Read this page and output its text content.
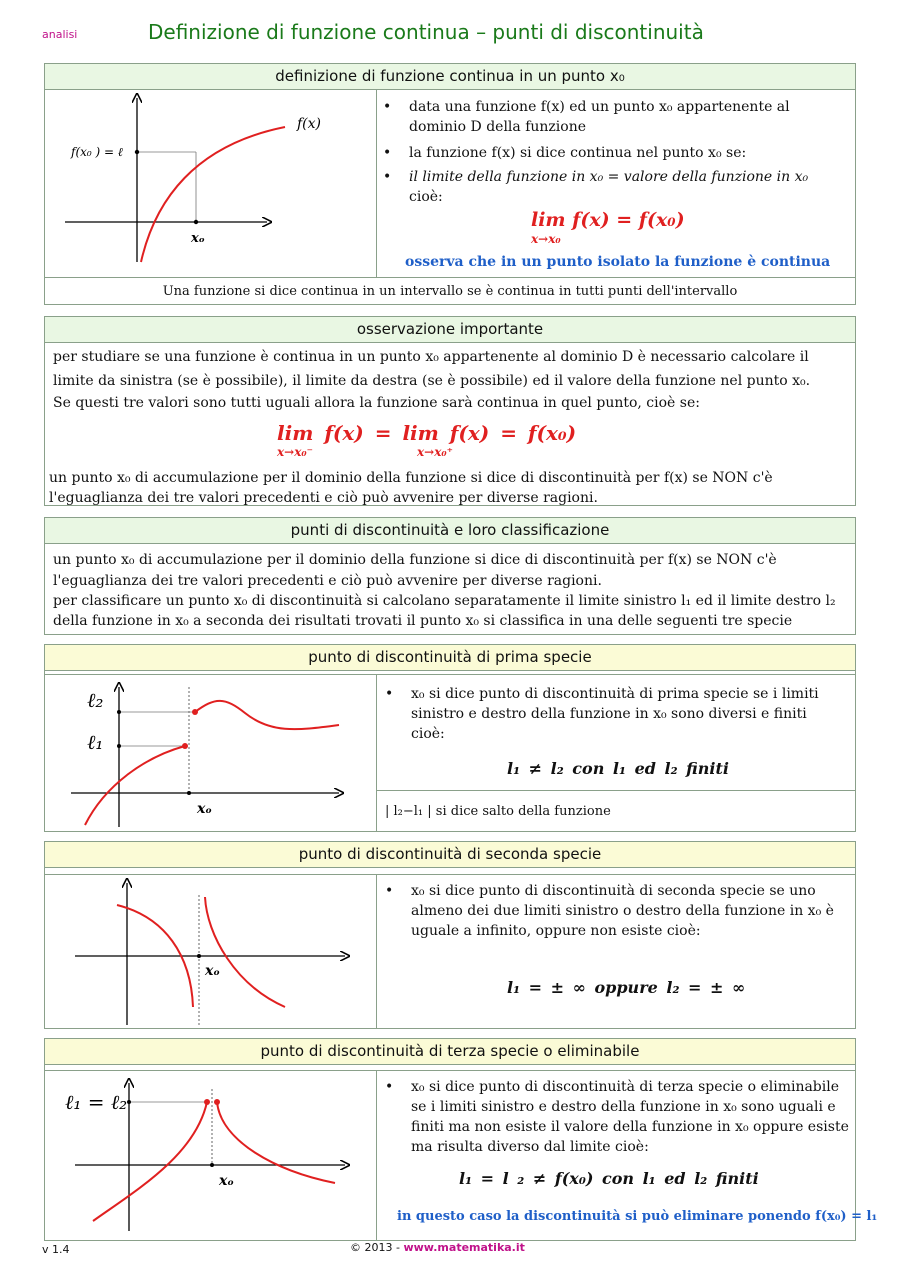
analisi	Definizione di funzione continua – punti di discontinuità
definizione di funzione continua in un punto x₀
f(x)
f(x₀ ) = ℓ
xₒ
• data una funzione f(x) ed un punto x₀ appartenente al
dominio D della funzione
• la funzione f(x) si dice continua nel punto x₀ se:
• il limite della funzione in x₀ = valore della funzione in x₀
cioè:
lim f(x) = f(x₀)
x→x₀
osserva che in un punto isolato la funzione è continua
Una funzione si dice continua in un intervallo se è continua in tutti punti dell'intervallo
osservazione importante
per studiare se una funzione è continua in un punto x₀ appartenente al dominio D è necessario calcolare il
limite da sinistra (se è possibile), il limite da destra (se è possibile) ed il valore della funzione nel punto x₀.
Se questi tre valori sono tutti uguali allora la funzione sarà continua in quel punto, cioè se:
lim f(x) = lim f(x) = f(x₀)
x→x₀⁻	x→x₀⁺
un punto x₀ di accumulazione per il dominio della funzione si dice di discontinuità per f(x) se NON c'è
l'eguaglianza dei tre valori precedenti e ciò può avvenire per diverse ragioni.
punti di discontinuità e loro classificazione
un punto x₀ di accumulazione per il dominio della funzione si dice di discontinuità per f(x) se NON c'è
l'eguaglianza dei tre valori precedenti e ciò può avvenire per diverse ragioni.
per classificare un punto x₀ di discontinuità si calcolano separatamente il limite sinistro l₁ ed il limite destro l₂
della funzione in x₀ a seconda dei risultati trovati il punto x₀ si classifica in una delle seguenti tre specie
punto di discontinuità di prima specie
ℓ₂
ℓ₁
xₒ
• x₀ si dice punto di discontinuità di prima specie se i limiti
sinistro e destro della funzione in x₀ sono diversi e finiti
cioè:
l₁ ≠ l₂ con l₁ ed l₂ finiti
| l₂−l₁ | si dice salto della funzione
punto di discontinuità di seconda specie
xₒ
• x₀ si dice punto di discontinuità di seconda specie se uno
almeno dei due limiti sinistro o destro della funzione in x₀ è
uguale a infinito, oppure non esiste cioè:
l₁ = ± ∞ oppure l₂ = ± ∞
punto di discontinuità di terza specie o eliminabile
ℓ₁ = ℓ₂
xₒ
• x₀ si dice punto di discontinuità di terza specie o eliminabile
se i limiti sinistro e destro della funzione in x₀ sono uguali e
finiti ma non esiste il valore della funzione in x₀ oppure esiste
ma risulta diverso dal limite cioè:
l₁ = l ₂ ≠ f(x₀) con l₁ ed l₂ finiti
in questo caso la discontinuità si può eliminare ponendo f(x₀) = l₁
v 1.4	© 2013 - www.matematika.it
